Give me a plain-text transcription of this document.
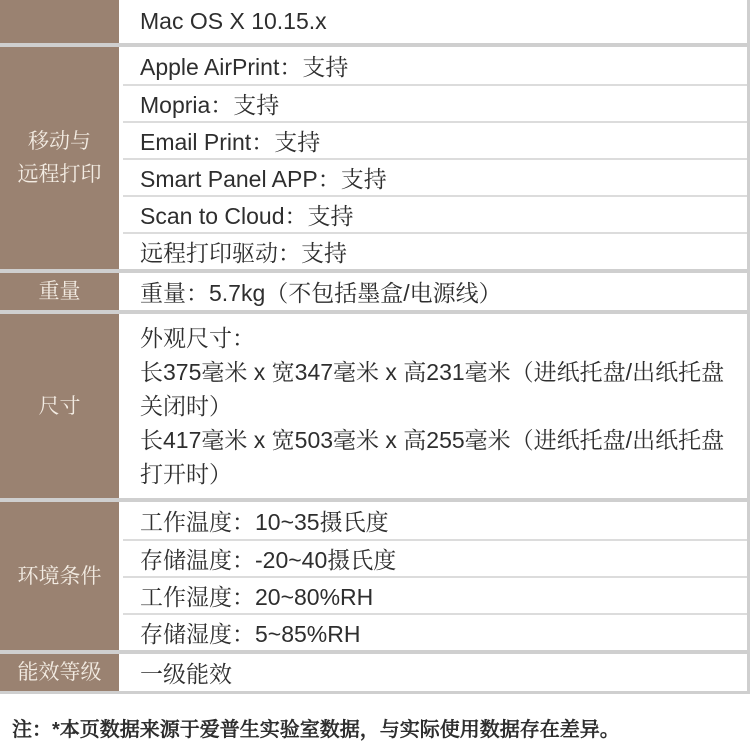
Mac OS X 10.15.x
移动与
远程打印
Apple AirPrint：支持
Mopria：支持
Email Print：支持
Smart Panel APP：支持
Scan to Cloud：支持
远程打印驱动：支持
重量	重量：5.7kg（不包括墨盒/电源线）
尺寸
外观尺寸：
长375毫米 x 宽347毫米 x 高231毫米（进纸托盘/出纸托盘关闭时）
长417毫米 x 宽503毫米 x 高255毫米（进纸托盘/出纸托盘打开时）
环境条件
工作温度：10~35摄氏度
存储温度：-20~40摄氏度
工作湿度：20~80%RH
存储湿度：5~85%RH
能效等级	一级能效
注：*本页数据来源于爱普生实验室数据，与实际使用数据存在差异。
